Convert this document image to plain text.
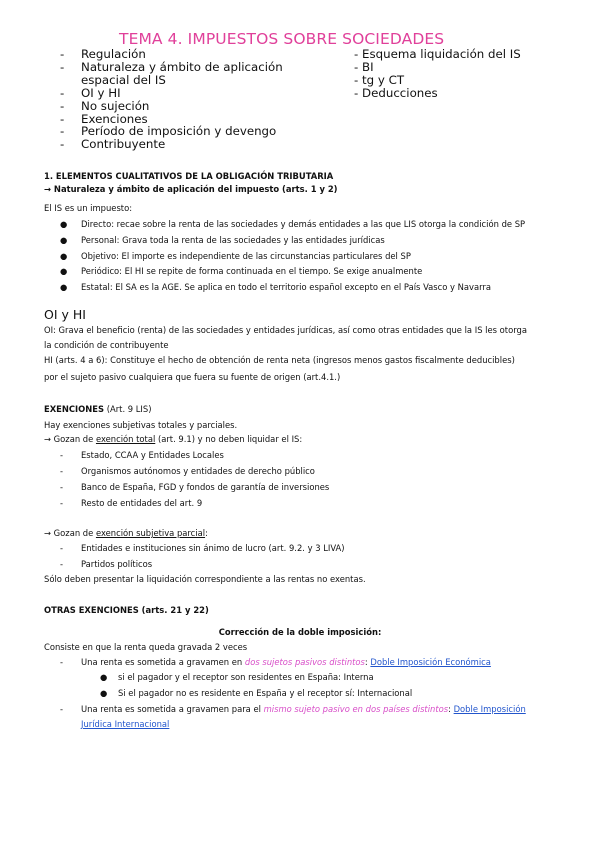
TEMA 4. IMPUESTOS SOBRE SOCIEDADES
-	Regulación
-	Naturaleza y ámbito de aplicación espacial del IS
-	OI y HI
-	No sujeción
-	Exenciones
-	Período de imposición y devengo
-	Contribuyente
- Esquema liquidación del IS
- BI
- tg y CT
- Deducciones
1. ELEMENTOS CUALITATIVOS DE LA OBLIGACIÓN TRIBUTARIA
→ Naturaleza y ámbito de aplicación del impuesto (arts. 1 y 2)
El IS es un impuesto:
● Directo: recae sobre la renta de las sociedades y demás entidades a las que LIS otorga la condición de SP
● Personal: Grava toda la renta de las sociedades y las entidades jurídicas
● Objetivo: El importe es independiente de las circunstancias particulares del SP
● Periódico: El HI se repite de forma continuada en el tiempo. Se exige anualmente
● Estatal: El SA es la AGE. Se aplica en todo el territorio español excepto en el País Vasco y Navarra
OI y HI
OI: Grava el beneficio (renta) de las sociedades y entidades jurídicas, así como otras entidades que la IS les otorga
la condición de contribuyente
HI (arts. 4 a 6): Constituye el hecho de obtención de renta neta (ingresos menos gastos fiscalmente deducibles)
por el sujeto pasivo cualquiera que fuera su fuente de origen (art.4.1.)
EXENCIONES (Art. 9 LIS)
Hay exenciones subjetivas totales y parciales.
→ Gozan de exención total (art. 9.1) y no deben liquidar el IS:
- Estado, CCAA y Entidades Locales
- Organismos autónomos y entidades de derecho público
- Banco de España, FGD y fondos de garantía de inversiones
- Resto de entidades del art. 9
→ Gozan de exención subjetiva parcial:
- Entidades e instituciones sin ánimo de lucro (art. 9.2. y 3 LIVA)
- Partidos políticos
Sólo deben presentar la liquidación correspondiente a las rentas no exentas.
OTRAS EXENCIONES (arts. 21 y 22)
Corrección de la doble imposición:
Consiste en que la renta queda gravada 2 veces
- Una renta es sometida a gravamen en dos sujetos pasivos distintos: Doble Imposición Económica
● si el pagador y el receptor son residentes en España: Interna
● Si el pagador no es residente en España y el receptor sí: Internacional
- Una renta es sometida a gravamen para el mismo sujeto pasivo en dos países distintos: Doble Imposición
Jurídica Internacional
